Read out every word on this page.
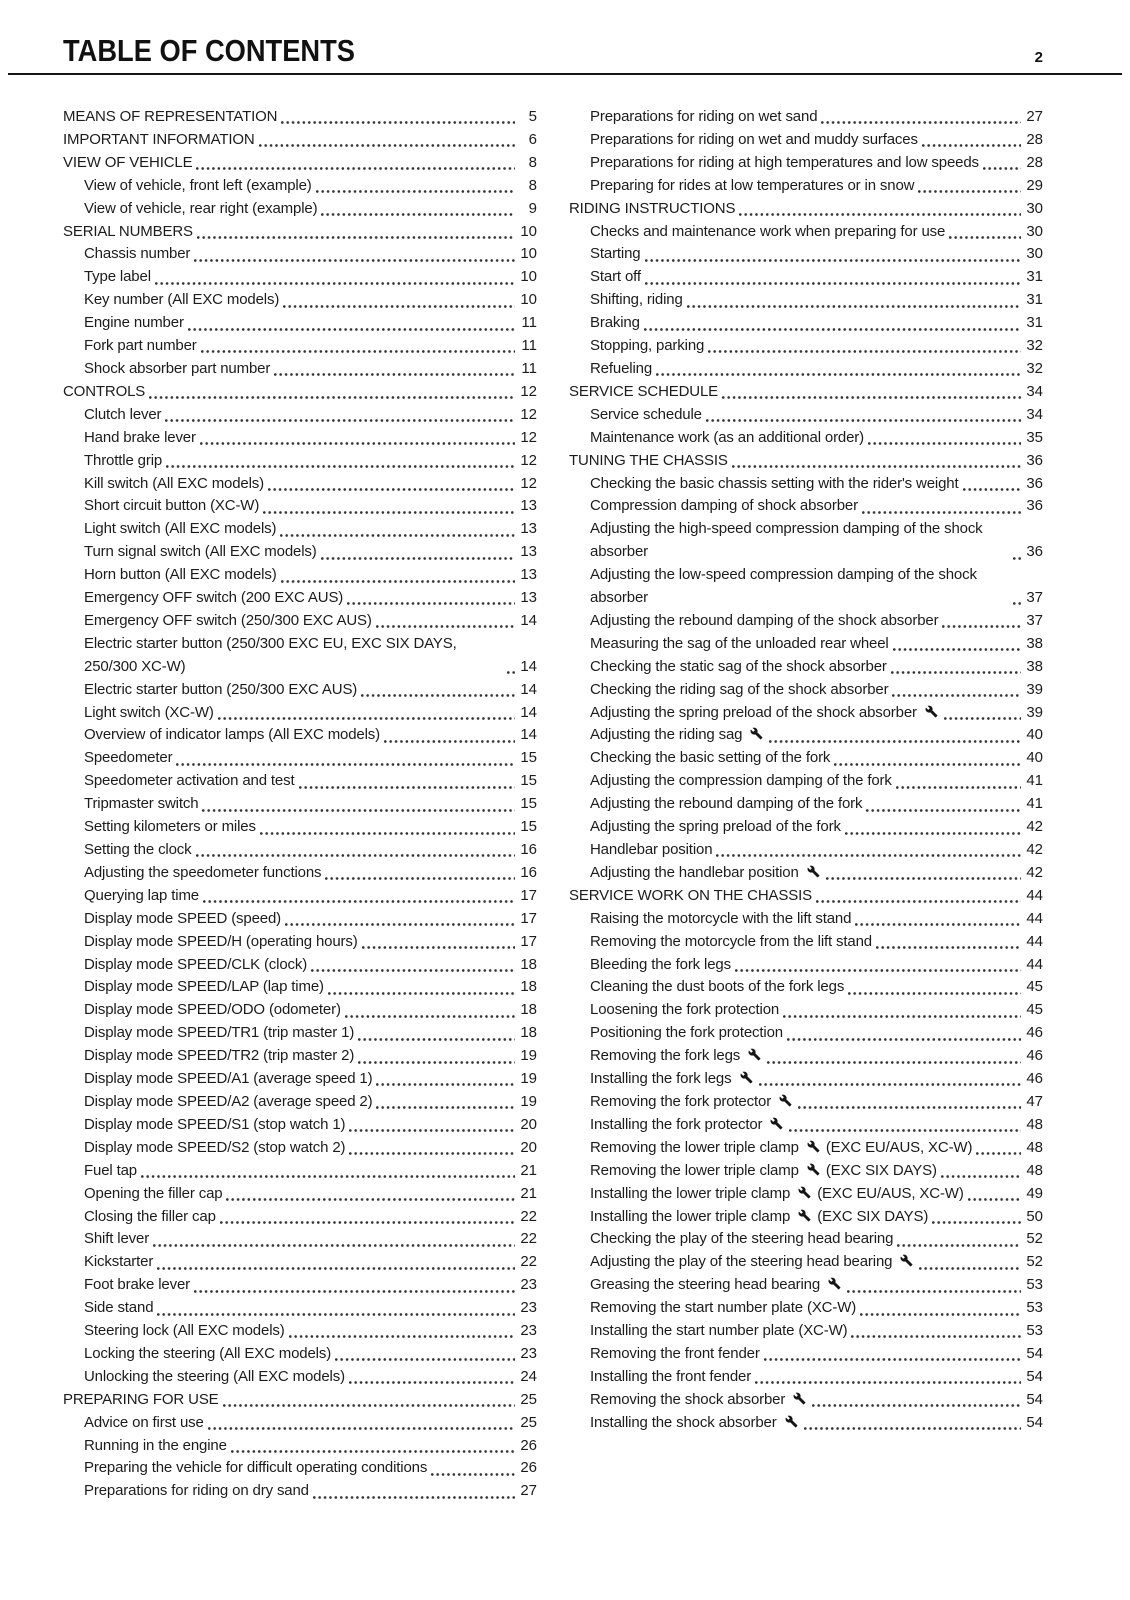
TABLE OF CONTENTS	2
MEANS OF REPRESENTATION	5
IMPORTANT INFORMATION	6
VIEW OF VEHICLE	8
View of vehicle, front left (example)	8
View of vehicle, rear right (example)	9
SERIAL NUMBERS	10
Chassis number	10
Type label	10
Key number (All EXC models)	10
Engine number	11
Fork part number	11
Shock absorber part number	11
CONTROLS	12
Clutch lever	12
Hand brake lever	12
Throttle grip	12
Kill switch (All EXC models)	12
Short circuit button (XC-W)	13
Light switch (All EXC models)	13
Turn signal switch (All EXC models)	13
Horn button (All EXC models)	13
Emergency OFF switch (200 EXC AUS)	13
Emergency OFF switch (250/300 EXC AUS)	14
Electric starter button (250/300 EXC EU, EXC SIX DAYS, 250/300 XC-W)	14
Electric starter button (250/300 EXC AUS)	14
Light switch (XC-W)	14
Overview of indicator lamps (All EXC models)	14
Speedometer	15
Speedometer activation and test	15
Tripmaster switch	15
Setting kilometers or miles	15
Setting the clock	16
Adjusting the speedometer functions	16
Querying lap time	17
Display mode SPEED (speed)	17
Display mode SPEED/H (operating hours)	17
Display mode SPEED/CLK (clock)	18
Display mode SPEED/LAP (lap time)	18
Display mode SPEED/ODO (odometer)	18
Display mode SPEED/TR1 (trip master 1)	18
Display mode SPEED/TR2 (trip master 2)	19
Display mode SPEED/A1 (average speed 1)	19
Display mode SPEED/A2 (average speed 2)	19
Display mode SPEED/S1 (stop watch 1)	20
Display mode SPEED/S2 (stop watch 2)	20
Fuel tap	21
Opening the filler cap	21
Closing the filler cap	22
Shift lever	22
Kickstarter	22
Foot brake lever	23
Side stand	23
Steering lock (All EXC models)	23
Locking the steering (All EXC models)	23
Unlocking the steering (All EXC models)	24
PREPARING FOR USE	25
Advice on first use	25
Running in the engine	26
Preparing the vehicle for difficult operating conditions	26
Preparations for riding on dry sand	27
Preparations for riding on wet sand	27
Preparations for riding on wet and muddy surfaces	28
Preparations for riding at high temperatures and low speeds	28
Preparing for rides at low temperatures or in snow	29
RIDING INSTRUCTIONS	30
Checks and maintenance work when preparing for use	30
Starting	30
Start off	31
Shifting, riding	31
Braking	31
Stopping, parking	32
Refueling	32
SERVICE SCHEDULE	34
Service schedule	34
Maintenance work (as an additional order)	35
TUNING THE CHASSIS	36
Checking the basic chassis setting with the rider's weight	36
Compression damping of shock absorber	36
Adjusting the high-speed compression damping of the shock absorber	36
Adjusting the low-speed compression damping of the shock absorber	37
Adjusting the rebound damping of the shock absorber	37
Measuring the sag of the unloaded rear wheel	38
Checking the static sag of the shock absorber	38
Checking the riding sag of the shock absorber	39
Adjusting the spring preload of the shock absorber	39
Adjusting the riding sag	40
Checking the basic setting of the fork	40
Adjusting the compression damping of the fork	41
Adjusting the rebound damping of the fork	41
Adjusting the spring preload of the fork	42
Handlebar position	42
Adjusting the handlebar position	42
SERVICE WORK ON THE CHASSIS	44
Raising the motorcycle with the lift stand	44
Removing the motorcycle from the lift stand	44
Bleeding the fork legs	44
Cleaning the dust boots of the fork legs	45
Loosening the fork protection	45
Positioning the fork protection	46
Removing the fork legs	46
Installing the fork legs	46
Removing the fork protector	47
Installing the fork protector	48
Removing the lower triple clamp  (EXC EU/AUS, XC-W)	48
Removing the lower triple clamp  (EXC SIX DAYS)	48
Installing the lower triple clamp  (EXC EU/AUS, XC-W)	49
Installing the lower triple clamp  (EXC SIX DAYS)	50
Checking the play of the steering head bearing	52
Adjusting the play of the steering head bearing	52
Greasing the steering head bearing	53
Removing the start number plate (XC-W)	53
Installing the start number plate (XC-W)	53
Removing the front fender	54
Installing the front fender	54
Removing the shock absorber	54
Installing the shock absorber	54
